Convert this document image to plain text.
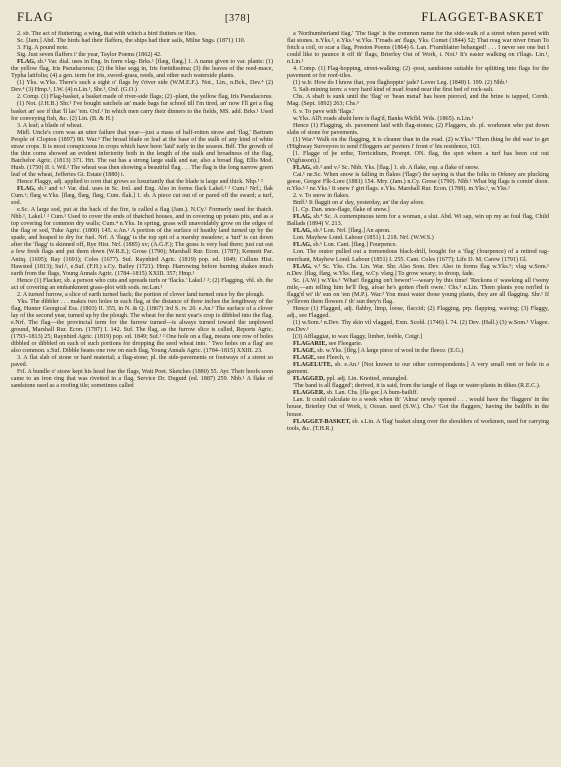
FLAG	[378]	FLAGGET-BASKET

2. sb. The act of fluttering; a wing, that with which a bird flutters or flies.

Sc. [Jam.] Abd. The birds had their flaffers, the ships had their sails, Milne Sngs. (1871) 110.

3. Fig. A pound note.

Sig. Just seven flaffers i' the year, Taylor Poems (1862) 42.

FLAG, sb.¹ Var. dial. uses in Eng. In form vlag- Brks.¹ [flæg, flæg.] 1. A name given to var. plants: (1) the yellow flag, Iris Pseudacorus; (2) the blue segg in, Iris foetidissima; (3) the leaves of the reed-mace, Typha latifolia; (4) a gen. term for iris, sword-grass, reeds, and other such waterside plants.

(1) Yks. w.Yks. There's such a sight o' flags by t'river side (W.M.E.F.). Not., Lin., n.Bck., Dev.⁴ (2) Dev.⁴ (3) Hmp.¹, I.W. (4) n.Lin.¹, Shr.¹, Oxf. (G.O.)

2. Comp. (1) Flag-basket, a basket made of river-side flags; (2) -plant, the yellow flag, Iris Pseudacorus.

(1) Not. (J.H.B.) Shr.¹ I've bought satchels an' made bags fur school till I'm tired, an' now I'll get a flag basket an' see if that 'll las' 'em. Oxf.¹ In which men carry their dinners to the fields, MS. add. Brks.¹ Used for conveying fish, &c. (2) Lin. (B. & H.)

3. A leaf; a blade of wheat.

Midl. Uncle's corn was an utter failure that year—just a mass of half-rotten straw and 'flag,' Bartram People of Clopton (1897) 80. War.³ The broad blade or leaf at the base of the stalk of any kind of white straw crops. It is most conspicuous in crops which have been 'laid' early in the season. Bdf. The growth of the thin corns showed an evident inferiority both in the length of the stalk and broadness of the flag, Batchelor Agric. (1813) 371. Hrt. The oat has a strong large stalk and ear, also a broad flag, Ellis Mod. Husb. (1750) II. i. Wil.¹ The wheat was then showing a beautiful flag . . . The flag is the long narrow green leaf of the wheat, Jefferies Gt. Estate (1880) i.

Hence Flaggy, adj. applied to corn that grows so luxuriantly that the blade is large and thick. Nhp.¹ ²

FLAG, sb.² and v.¹ Var. dial. uses in Sc. Irel. and Eng. Also in forms flack Lakel.¹ ² Cum.¹ Nrf.; flak Cum.¹; flæg w.Yks. [flæg, flæg, flæg, Cum. flak.] 1. sb. A piece cut out of or pared off the sward; a turf, sod.

e.Sc. A large sod, put at the back of the fire, is called a flag (Jam.). N.Cy.¹ Formerly used for thatch. Nhb.¹, Lakel.¹ ² Cum.¹ Used to cover the ends of thatched houses, and in covering up potato pits, and as a top covering for common dry walls; Cum.⁴ n.Yks. In spring, grass will unavoidably grow on the edges of the flag or sod, Tuke Agric. (1800) 145. e.An.¹ A portion of the surface of heathy land turned up by the spade, and heaped to dry for fuel. Nrf. A 'flagg' is the top spit of a marshy meadow; a 'turf' is cut down after the 'flagg' is skinned off, Rye Hist. Nrf. (1885) xv; (A.G.F.); The grass is very bad there; just cut out a few fresh flags and put them down (W.R.E.); Grose (1790); Marshall Rur. Econ. (1787); Kennett Par. Antiq. (1695); Ray (1691); Coles (1677). Suf. Raynbird Agric. (1819) pop. ed. 1849; Cullum Hist. Hawsted (1813); Suf.¹, e.Suf. (F.H.) s.Cy. Bailey (1721). Hmp. Harrowing before burning shakes much earth from the flags, Young Annals Agric. (1784–1815) XXIII. 357; Hmp.¹

Hence (1) Flacker, sb. a person who cuts and spreads turfs or 'flacks.' Lakel.¹ ²; (2) Flagging, vbl. sb. the act of covering an embankment grass-plot with sods. ne.Lan.¹

2. A turned furrow, a slice of earth turned back; the portion of clover land turned once by the plough.

Yks. The dibbler . . . makes two holes in each flag, at the distance of three inches the lengthway of the flag, Hunter Georgical Ess. (1803) II. 355, in N. & Q. (1867) 3rd S. iv. 20. e.An.¹ The surface of a clover lay of the second year, turned up by the plough. The wheat for the next year's crop is dibbled into the flag. e.Nrf. The flag—the provincial term for the furrow turned—is always turned toward the unplowed ground, Marshall Rur. Econ. (1787) I. 142. Suf. The flag, as the furrow slice is called, Reports Agric. (1793–1813) 25; Raynbird Agric. (1819) pop. ed. 1849; Suf.¹ ² One hole on a flag, means one row of holes dibbled or dibbled on each of such portions for dropping the seed wheat into. ' Two holes on a flag' are also common. s.Suf. Dibble beans one row on each flag, Young Annals Agric. (1784–1815) XXIII. 23.

3. A flat slab of stone or hard material; a flag-stone; pl. the side-pavements or footways of a street so paved.

Frf. A bundle o' straw kept his head frae the flags, Watt Poet. Sketches (1880) 55. Ayr. Their hoofs soon came to an iron ring that was rivetted in a flag, Service Dr. Duguid (ed. 1887) 259. Nhb.¹ A flake of sandstone used as a roofing tile; sometimes called

a 'Northumberland flag.' 'The flags' is the common name for the side-walk of a street when paved with flat stones. n.Yks.², e.Yks.¹ w.Yks. T'roads an' flags, Yks. Comet (1844) 52; That reag war niver t'man To fotch a coil, or scar a flag, Preston Poems (1864) 6. Lan. F'ramblatter behanged! . . . I never see one but I could like to paunce it off th' flags, Brierley Out of Work, i. Not.¹ It's easier walking on t'flags. Lin.¹, n.Lin.¹

4. Comp. (1) Flag-hopping, street-walking; (2) -post, sandstone suitable for splitting into flags for the pavement or for roof-tiles.

(1) w.Ir. How do I know that, you flaghoppin' jade? Lover Leg. (1848) I. 199. (2) Nhb.¹

5. Salt-mining term: a very hard kind of marl found near the first bed of rock-salt.

Chs. A shaft is sunk until the 'flag' or 'bean metal' has been pierced, and the brine is tapped, Cornh. Mag. (Sept. 1892) 263; Chs.³

6. v. To pave with 'flags.'

w.Yks. All't roads abaht here is flag'd, Banks Wkfld. Wds. (1865). n.Lin.¹

Hence (1) Flagging, sb. pavement laid with flag-stones; (2) Flaggers, sb. pl. workmen who put down slabs of stone for pavements.

(1) War.³ Walk on the flagging, it is cleaner than in the road. (2) w.Yks.³ 'Then thing he did was' to get t'Highway Surveyors to send t'floggers an' paviers i' front o' his residence, 163.

[1. Flagge of þe erthe, Terricidium, Prompt. ON. flag, the spot where a turf has been cut out (Vigfusson).]

FLAG, sb.³ and v.² Sc. Nhb. Yks. [flag.] 1. sb. A flake, esp. a flake of snow.

Cai.¹ ne.Sc. When snow is falling in flakes ('flags') the saying is that the folks in Orkney are plucking geese, Gregor Flk-Lore (1881) 154. Mry. (Jam.) n.Cy. Grose (1790). Nhb.¹ What big flags is comin' doon. n.Yks.¹ ² ne.Yks.¹ It snew i' girt flags. e.Yks. Marshall Rur. Econ. (1788). m.Yks.¹, w.Yks.¹

2. v. To snow in flakes.

Bnff.¹ It flaggit on a' day, yesterday, an' the day afore.

[1. Cp. Dan. snee-flage, flake of snow.]

FLAG, sb.⁴ Sc. A contemptuous term for a woman, a slut. Abd. Wi sap, win up my ae foul flag, Child Ballads (1894) V. 213.

FLAG, sb.⁵ Lon. Nrf. [flæg.] An apron.

Lon. Mayhew Lond. Labour (1851) I. 218. Nrf. (W.W.S.)

FLAG, sb.⁶ Lon. Cant. [flæg.] Fourpence.

Lon. The orator pulled out a tremendous black-drill, bought for a 'flag' (fourpence) of a retired rag-merchant, Mayhew Lond. Labour (1851) I. 255. Cant. Coles (1677); Life D. M. Carew (1791) Gl.

FLAG, v.³ Sc. Yks. Chs. Lin. War. Shr. Also Som. Dev. Also in forms flag w.Yks.⁵; vlag w.Som.¹ n.Dev. [flag, flæg, w.Yks. flæg, w.Cy. vlæg.] To grow weary; to droop, fade.

Sc. (A.W.) w.Yks.⁵ 'What! flegging on't bewor!'—weary by this time! 'Reckons o' wawking all t'weny mile,—am telling him he'll fleg, afoar he's gotten t'heft owre.' Chs.¹ n.Lin. Them plants you ren'led is flagg'd wi' th' sun on 'em (M.P.). War.³ You must water those young plants, they are all flagging. Shr.¹ If yo'lleven them flowers i' th' sun they'n flag.

Hence (1) Flagged, adj. flabby, limp, loose, flaccid; (2) Flagging, prp. flapping, waving; (3) Flaggy, adj., see Flagged.

(1) w.Som.¹ n.Dev. Thy skin vil vlagged, Exm. Scold. (1746) l. 74. (2) Dev. (Hall.) (3) w.Som.¹ Vlagee. nw.Dev.¹

[(3) Afflaggiat, to wax flaggy, limber, feeble, Cotgr.]

FLAGARIE, see Fleegarie.

FLAGE, sb. w.Yks. [flēg.] A large piece of wool in the fleece. (E.G.)

FLAGE, see Fleech, v.

FLAGELUTE, sb. e.An.¹ [Not known to our other correspondents.] A very small rent or hole in a garment.

FLAGGED, ppl. adj. Lin. Knotted, entangled.

'The band is all flagged'; derived, it is said, from the tangle of flags or water-plants in dikes (R.E.C.).

FLAGGER, sb. Lan. Chs. [fla·gər.] A bum-bailiff.

Lan. It could calculate to a week when th' 'Alma' newly opened . . . would have the 'flaggers' in the house, Brierley Out of Work, i; Ocean. used (S.W.). Chs.¹ 'Got the flaggers,' having the bailiffs in the house.

FLAGGET-BASKET, sb. s.Lin. A 'flag' basket slung over the shoulders of workmen, used for carrying tools, &c. (T.H.R.)
